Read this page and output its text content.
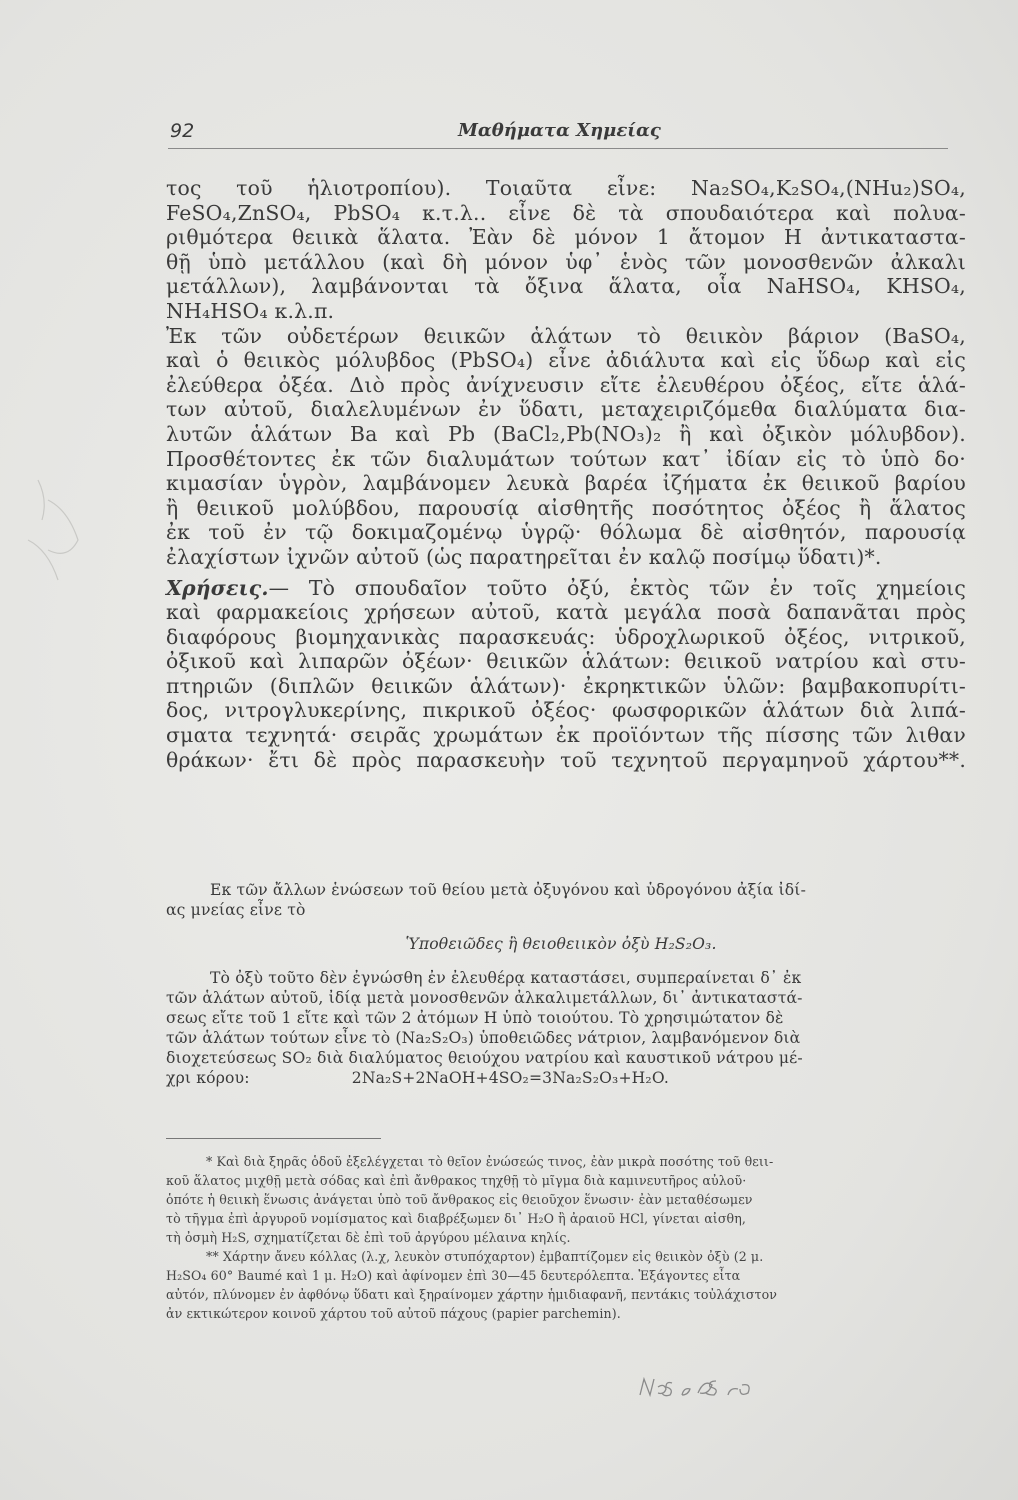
92	Μαθήματα Χημείας

τος τοῦ ἡλιοτροπίου). Τοιαῦτα εἶνε: Na₂SO₄,K₂SO₄,(NHu₂)SO₄,

FeSO₄,ZnSO₄, PbSO₄ κ.τ.λ.. εἶνε δὲ τὰ σπουδαιότερα καὶ πολυα-

ριθμότερα θειικὰ ἅλατα. Ἐὰν δὲ μόνον 1 ἄτομον Η ἀντικαταστα-

θῇ ὑπὸ μετάλλου (καὶ δὴ μόνον ὑφ᾽ ἑνὸς τῶν μονοσθενῶν ἀλκαλι

μετάλλων), λαμβάνονται τὰ ὄξινα ἅλατα, οἷα NaHSO₄, KHSO₄,

NH₄HSO₄ κ.λ.π.

Ἐκ τῶν οὐδετέρων θειικῶν ἁλάτων τὸ θειικὸν βάριον (BaSO₄,

καὶ ὁ θειικὸς μόλυβδος (PbSO₄) εἶνε ἀδιάλυτα καὶ εἰς ὕδωρ καὶ εἰς

ἐλεύθερα ὀξέα. Διὸ πρὸς ἀνίχνευσιν εἴτε ἐλευθέρου ὀξέος, εἴτε ἁλά-

των αὐτοῦ, διαλελυμένων ἐν ὕδατι, μεταχειριζόμεθα διαλύματα δια-

λυτῶν ἁλάτων Ba καὶ Pb (BaCl₂,Pb(NO₃)₂ ἢ καὶ ὀξικὸν μόλυβδον).

Προσθέτοντες ἐκ τῶν διαλυμάτων τούτων κατ᾽ ἰδίαν εἰς τὸ ὑπὸ δο·

κιμασίαν ὑγρὸν, λαμβάνομεν λευκὰ βαρέα ἰζήματα ἐκ θειικοῦ βαρίου

ἢ θειικοῦ μολύβδου, παρουσίᾳ αἰσθητῆς ποσότητος ὀξέος ἢ ἅλατος

ἐκ τοῦ ἐν τῷ δοκιμαζομένῳ ὑγρῷ· θόλωμα δὲ αἰσθητόν, παρουσίᾳ

ἐλαχίστων ἰχνῶν αὐτοῦ (ὡς παρατηρεῖται ἐν καλῷ ποσίμῳ ὕδατι)*.

Χρήσεις.— Τὸ σπουδαῖον τοῦτο ὀξύ, ἐκτὸς τῶν ἐν τοῖς χημείοις

καὶ φαρμακείοις χρήσεων αὐτοῦ, κατὰ μεγάλα ποσὰ δαπανᾶται πρὸς

διαφόρους βιομηχανικὰς παρασκευάς: ὑδροχλωρικοῦ ὀξέος, νιτρικοῦ,

ὀξικοῦ καὶ λιπαρῶν ὀξέων· θειικῶν ἁλάτων: θειικοῦ νατρίου καὶ στυ-

πτηριῶν (διπλῶν θειικῶν ἁλάτων)· ἐκρηκτικῶν ὑλῶν: βαμβακοπυρίτι-

δος, νιτρογλυκερίνης, πικρικοῦ ὀξέος· φωσφορικῶν ἁλάτων διὰ λιπά-

σματα τεχνητά· σειρᾶς χρωμάτων ἐκ προϊόντων τῆς πίσσης τῶν λιθαν

θράκων· ἔτι δὲ πρὸς παρασκευὴν τοῦ τεχνητοῦ περγαμηνοῦ χάρτου**.

Εκ τῶν ἄλλων ἑνώσεων τοῦ θείου μετὰ ὀξυγόνου καὶ ὑδρογόνου ἀξία ἰδί-

ας μνείας εἶνε τὸ

Ὑποθειῶδες ἢ θειοθειικὸν ὀξὺ H₂S₂O₃.

Τὸ ὀξὺ τοῦτο δὲν ἐγνώσθη ἐν ἐλευθέρᾳ καταστάσει, συμπεραίνεται δ᾽ ἐκ

τῶν ἁλάτων αὐτοῦ, ἰδίᾳ μετὰ μονοσθενῶν ἀλκαλιμετάλλων, δι᾽ ἀντικαταστά-

σεως εἴτε τοῦ 1 εἴτε καὶ τῶν 2 ἀτόμων Η ὑπὸ τοιούτου. Τὸ χρησιμώτατον δὲ

τῶν ἁλάτων τούτων εἶνε τὸ (Na₂S₂O₃) ὑποθειῶδες νάτριον, λαμβανόμενον διὰ

διοχετεύσεως SO₂ διὰ διαλύματος θειούχου νατρίου καὶ καυστικοῦ νάτρου μέ-

χρι κόρου:                    2Na₂S+2NaOH+4SO₂=3Na₂S₂O₃+H₂O.

* Καὶ διὰ ξηρᾶς ὁδοῦ ἐξελέγχεται τὸ θεῖον ἐνώσεώς τινος, ἐὰν μικρὰ ποσότης τοῦ θειι-

κοῦ ἅλατος μιχθῇ μετὰ σόδας καὶ ἐπὶ ἄνθρακος τηχθῇ τὸ μῖγμα διὰ καμινευτῆρος αὐλοῦ·

ὁπότε ἡ θειικὴ ἕνωσις ἀνάγεται ὑπὸ τοῦ ἄνθρακος εἰς θειοῦχον ἕνωσιν· ἐὰν μεταθέσωμεν

τὸ τῆγμα ἐπὶ ἀργυροῦ νομίσματος καὶ διαβρέξωμεν δι᾽ H₂O ἢ ἀραιοῦ HCl, γίνεται αἰσθη,

τὴ ὀσμὴ H₂S, σχηματίζεται δὲ ἐπὶ τοῦ ἀργύρου μέλαινα κηλίς.

** Χάρτην ἄνευ κόλλας (λ.χ, λευκὸν στυπόχαρτον) ἐμβαπτίζομεν εἰς θειικὸν ὀξὺ (2 μ.

H₂SO₄ 60° Baumé καὶ 1 μ. H₂O) καὶ ἀφίνομεν ἐπὶ 30—45 δευτερόλεπτα. Ἐξάγοντες εἶτα

αὐτόν, πλύνομεν ἐν ἀφθόνῳ ὕδατι καὶ ξηραίνομεν χάρτην ἡμιδιαφανῆ, πεντάκις τοὐλάχιστον

ἀν εκτικώτερον κοινοῦ χάρτου τοῦ αὐτοῦ πάχους (papier parchemin).
